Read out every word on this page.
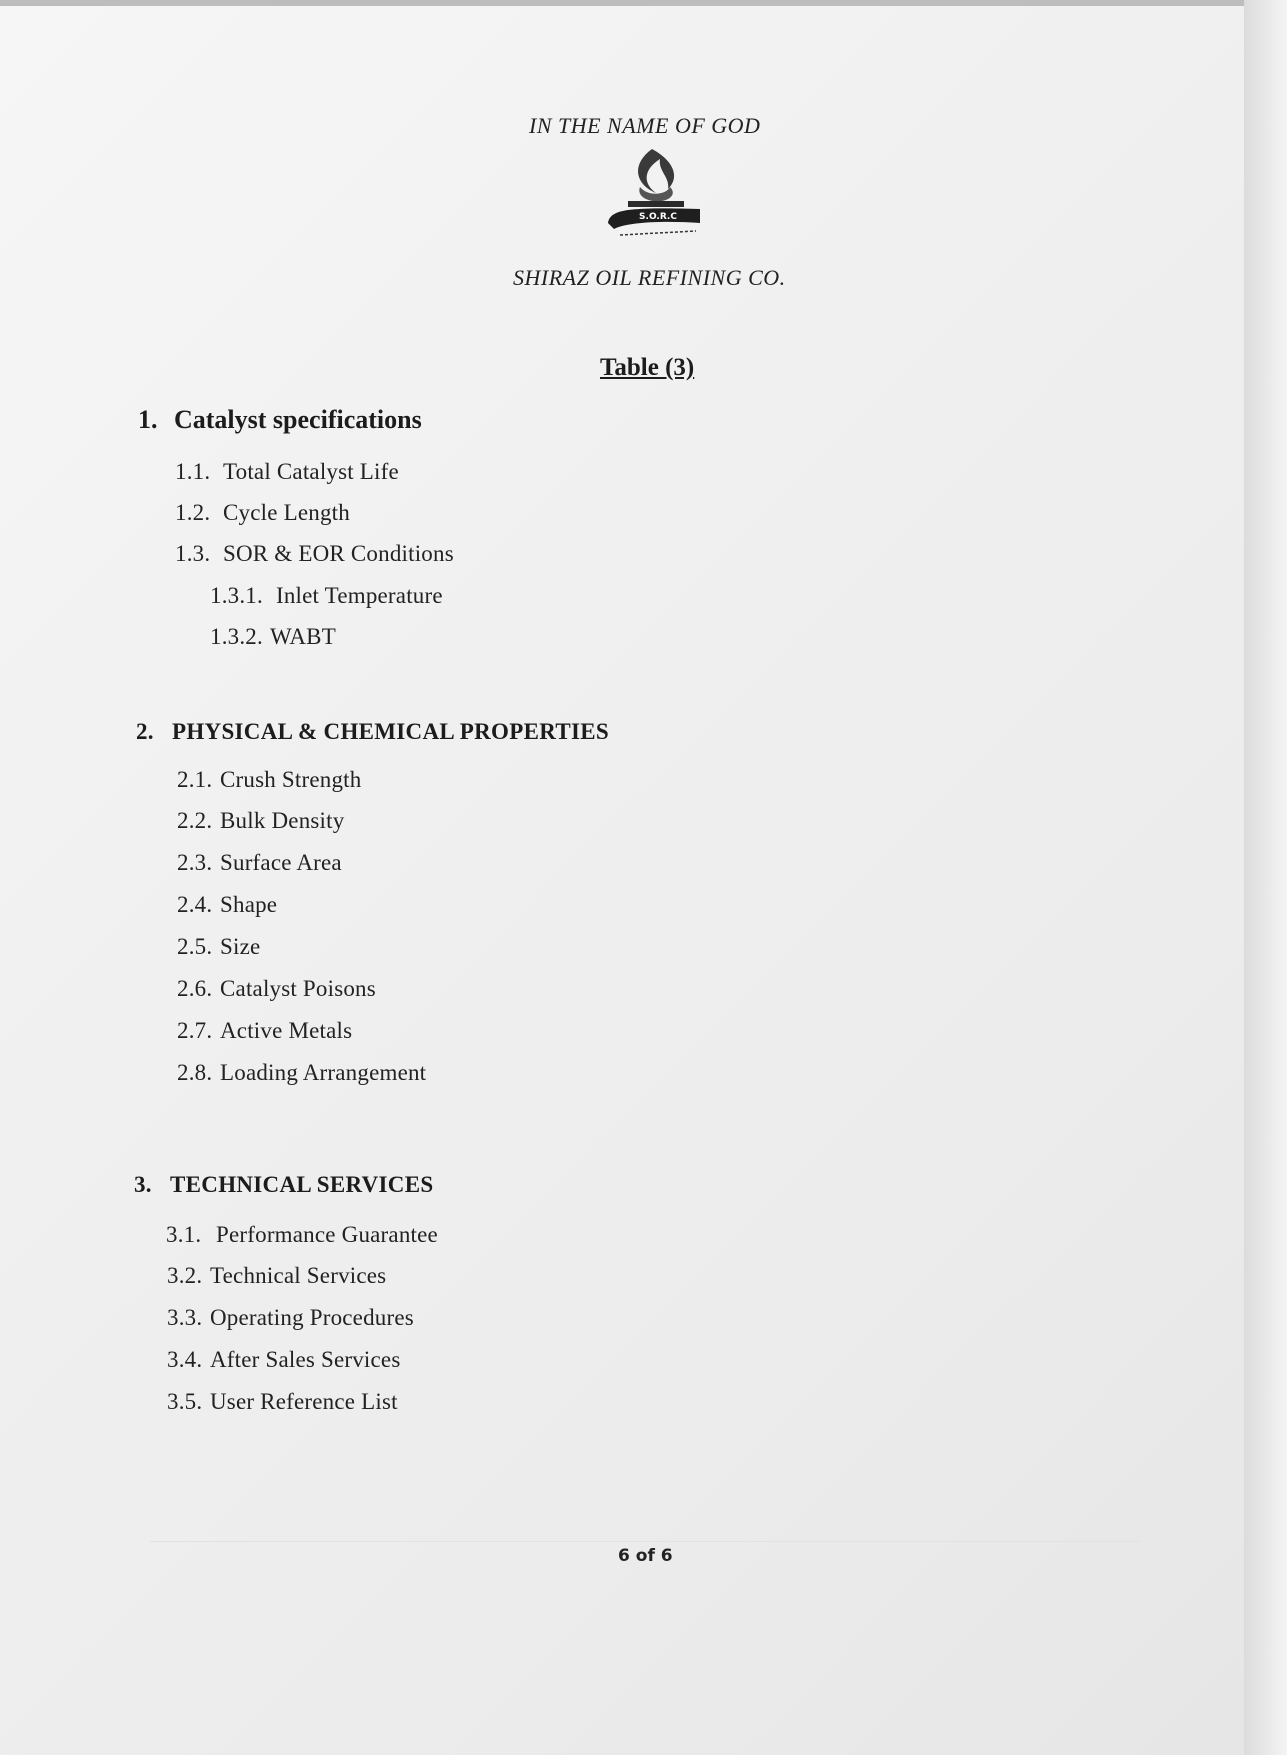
IN THE NAME OF GOD
S.O.R.C
SHIRAZ OIL REFINING CO.
Table (3)
1. Catalyst specifications
1.1. Total Catalyst Life
1.2. Cycle Length
1.3. SOR & EOR Conditions
1.3.1. Inlet Temperature
1.3.2. WABT
2. PHYSICAL & CHEMICAL PROPERTIES
2.1. Crush Strength
2.2. Bulk Density
2.3. Surface Area
2.4. Shape
2.5. Size
2.6. Catalyst Poisons
2.7. Active Metals
2.8. Loading Arrangement
3. TECHNICAL SERVICES
3.1. Performance Guarantee
3.2. Technical Services
3.3. Operating Procedures
3.4. After Sales Services
3.5. User Reference List
6 of 6
